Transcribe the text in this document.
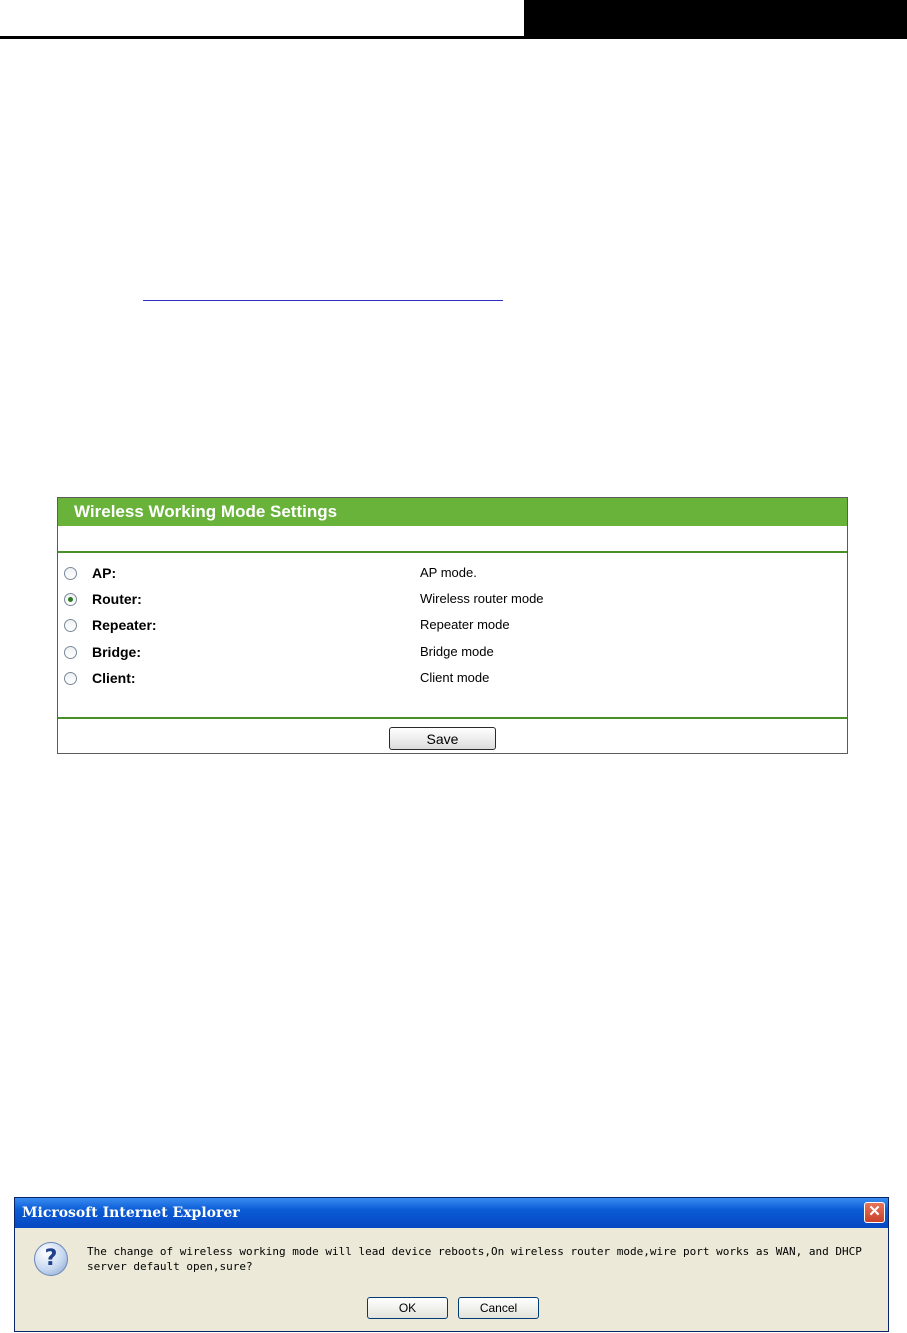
Wireless Working Mode Settings
AP:	AP mode.
Router:	Wireless router mode
Repeater:	Repeater mode
Bridge:	Bridge mode
Client:	Client mode
Save
Microsoft Internet Explorer	✕
?	The change of wireless working mode will lead device reboots,On wireless router mode,wire port works as WAN, and DHCP server default open,sure?
OK	Cancel
